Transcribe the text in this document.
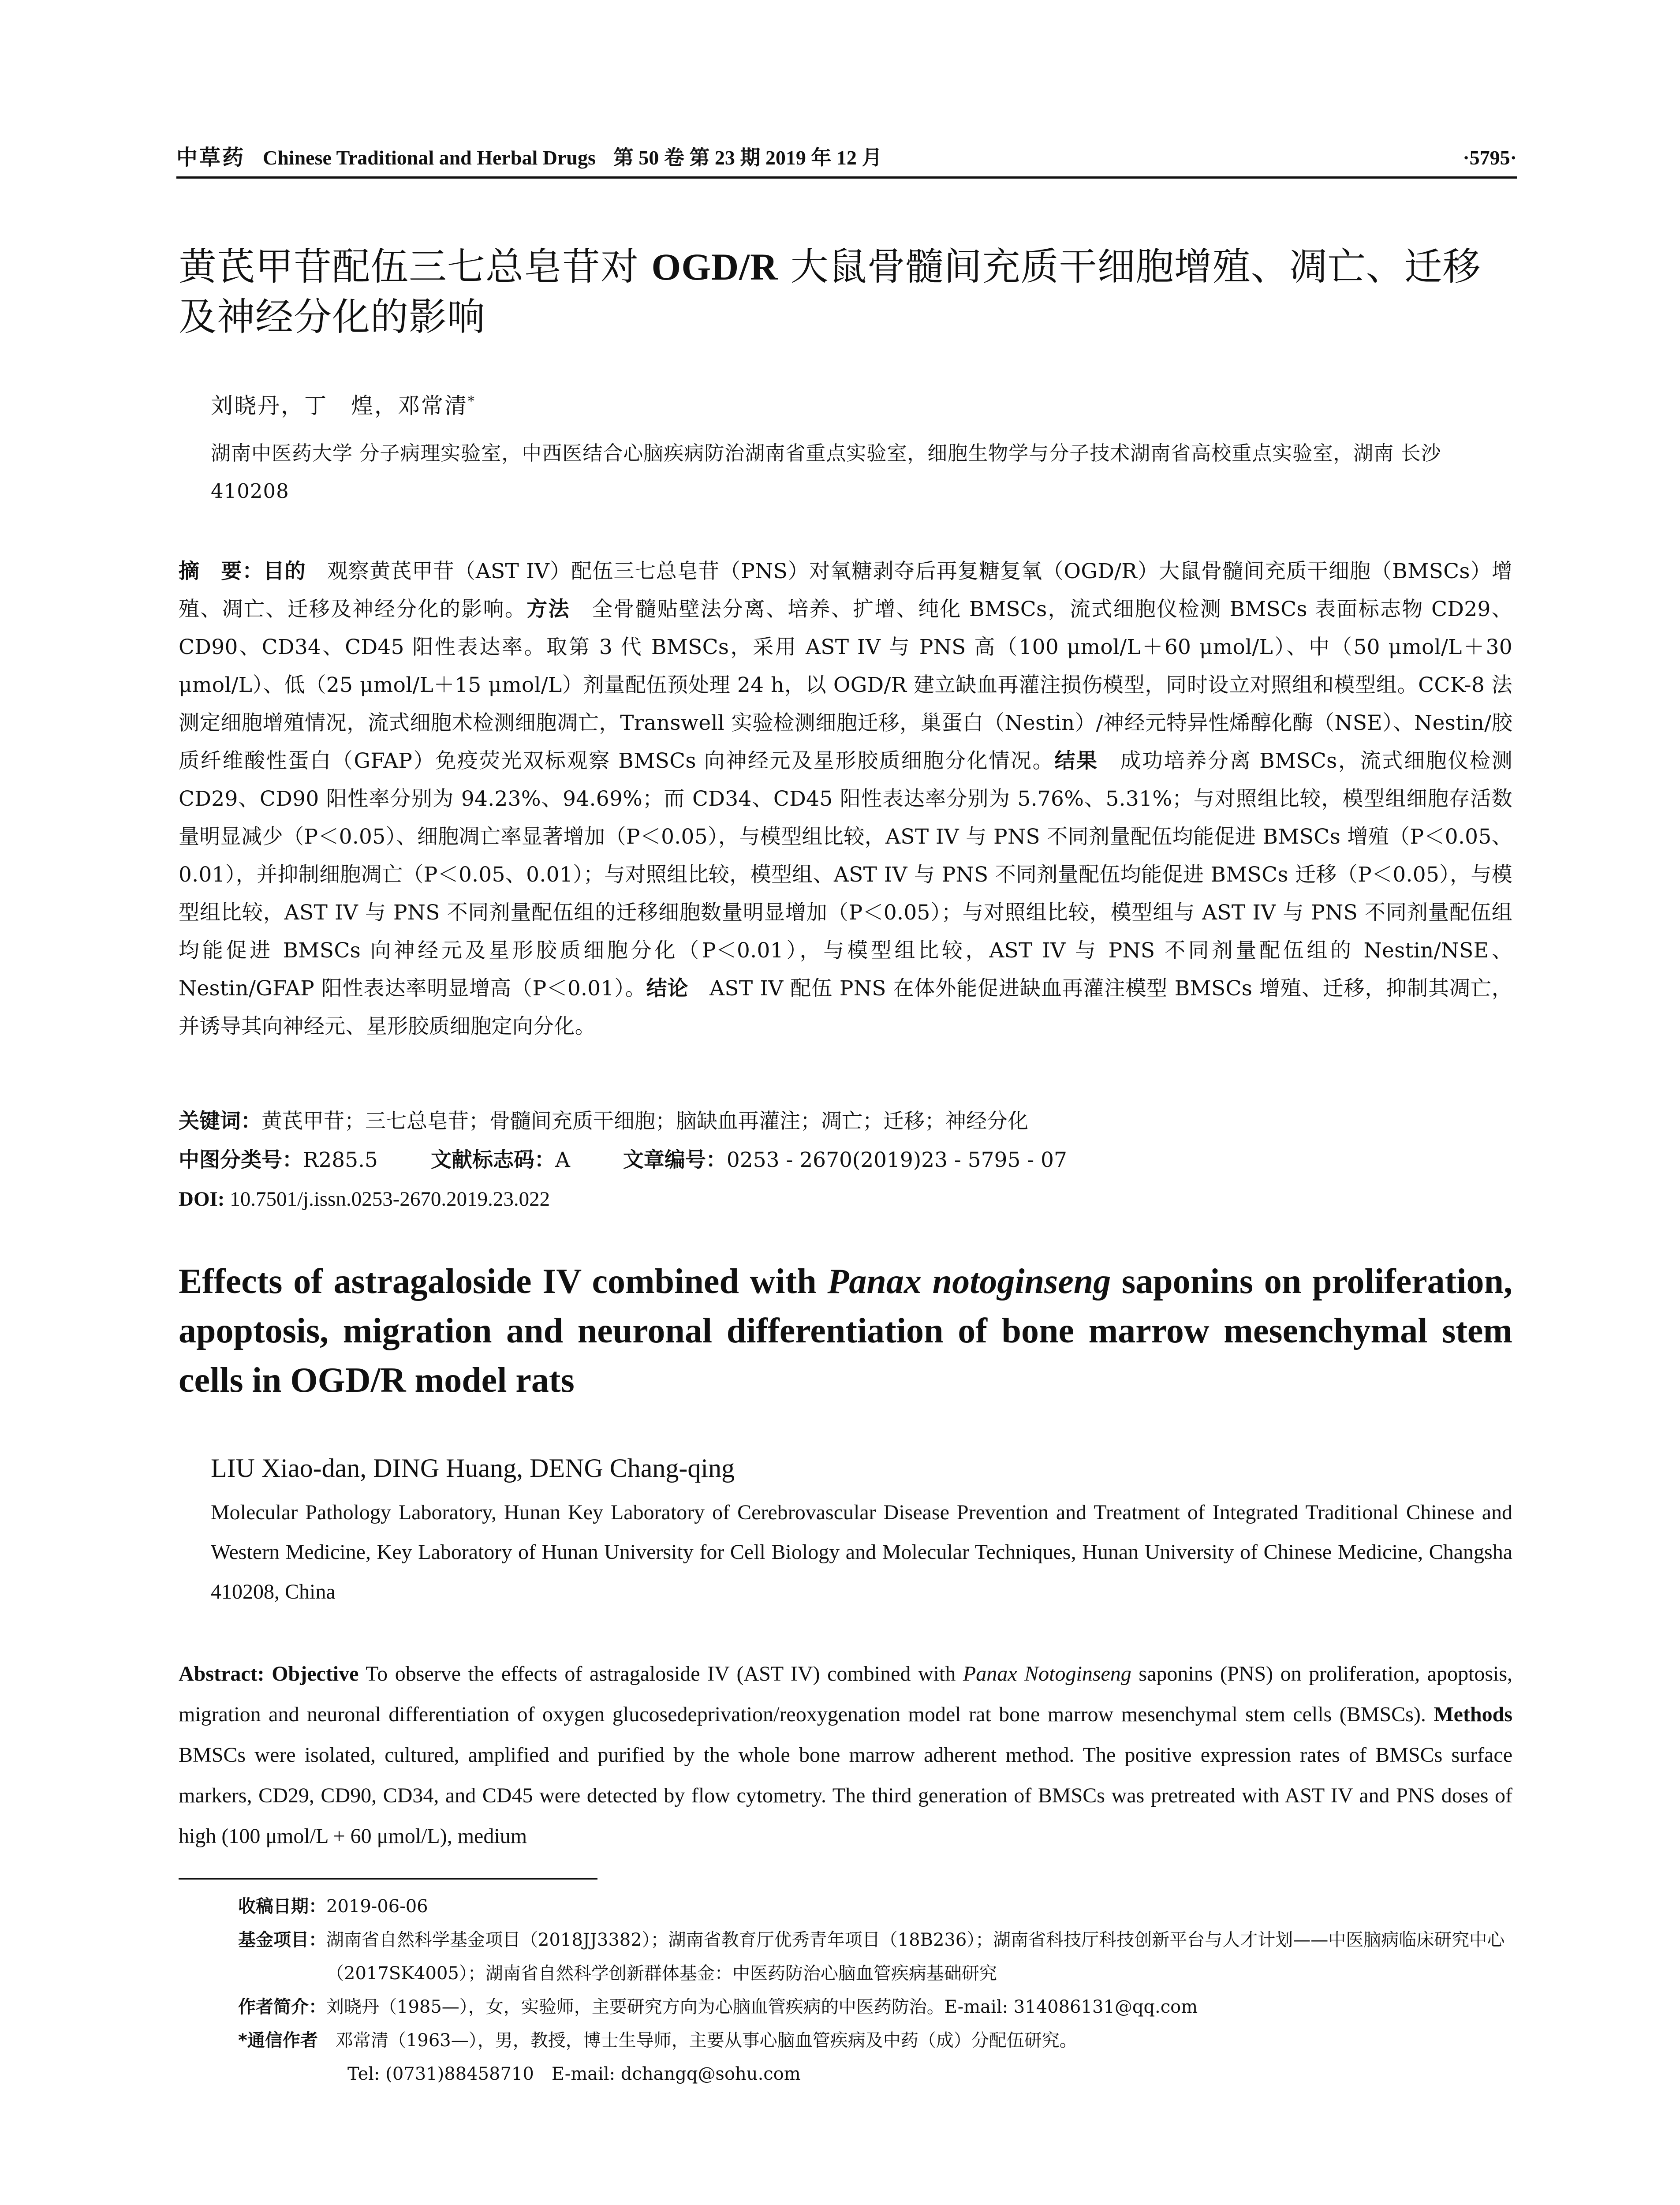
中草药 Chinese Traditional and Herbal Drugs 第 50 卷 第 23 期 2019 年 12 月	·5795·
黄芪甲苷配伍三七总皂苷对 OGD/R 大鼠骨髓间充质干细胞增殖、凋亡、迁移及神经分化的影响
刘晓丹，丁　煌，邓常清*

湖南中医药大学 分子病理实验室，中西医结合心脑疾病防治湖南省重点实验室，细胞生物学与分子技术湖南省高校重点实验室，湖南 长沙 410208

摘　要：目的　观察黄芪甲苷（AST IV）配伍三七总皂苷（PNS）对氧糖剥夺后再复糖复氧（OGD/R）大鼠骨髓间充质干细胞（BMSCs）增殖、凋亡、迁移及神经分化的影响。方法　全骨髓贴壁法分离、培养、扩增、纯化 BMSCs，流式细胞仪检测 BMSCs 表面标志物 CD29、CD90、CD34、CD45 阳性表达率。取第 3 代 BMSCs，采用 AST IV 与 PNS 高（100 μmol/L＋60 μmol/L）、中（50 μmol/L＋30 μmol/L）、低（25 μmol/L＋15 μmol/L）剂量配伍预处理 24 h，以 OGD/R 建立缺血再灌注损伤模型，同时设立对照组和模型组。CCK-8 法测定细胞增殖情况，流式细胞术检测细胞凋亡，Transwell 实验检测细胞迁移，巢蛋白（Nestin）/神经元特异性烯醇化酶（NSE）、Nestin/胶质纤维酸性蛋白（GFAP）免疫荧光双标观察 BMSCs 向神经元及星形胶质细胞分化情况。结果　成功培养分离 BMSCs，流式细胞仪检测 CD29、CD90 阳性率分别为 94.23%、94.69%；而 CD34、CD45 阳性表达率分别为 5.76%、5.31%；与对照组比较，模型组细胞存活数量明显减少（P＜0.05）、细胞凋亡率显著增加（P＜0.05），与模型组比较，AST IV 与 PNS 不同剂量配伍均能促进 BMSCs 增殖（P＜0.05、0.01），并抑制细胞凋亡（P＜0.05、0.01）；与对照组比较，模型组、AST IV 与 PNS 不同剂量配伍均能促进 BMSCs 迁移（P＜0.05），与模型组比较，AST IV 与 PNS 不同剂量配伍组的迁移细胞数量明显增加（P＜0.05）；与对照组比较，模型组与 AST IV 与 PNS 不同剂量配伍组均能促进 BMSCs 向神经元及星形胶质细胞分化（P＜0.01），与模型组比较，AST IV 与 PNS 不同剂量配伍组的 Nestin/NSE、Nestin/GFAP 阳性表达率明显增高（P＜0.01）。结论　AST IV 配伍 PNS 在体外能促进缺血再灌注模型 BMSCs 增殖、迁移，抑制其凋亡，并诱导其向神经元、星形胶质细胞定向分化。

关键词：黄芪甲苷；三七总皂苷；骨髓间充质干细胞；脑缺血再灌注；凋亡；迁移；神经分化
中图分类号：R285.5	文献标志码：A	文章编号：0253 - 2670(2019)23 - 5795 - 07
DOI: 10.7501/j.issn.0253-2670.2019.23.022
Effects of astragaloside IV combined with Panax notoginseng saponins on proliferation, apoptosis, migration and neuronal differentiation of bone marrow mesenchymal stem cells in OGD/R model rats
LIU Xiao-dan, DING Huang, DENG Chang-qing

Molecular Pathology Laboratory, Hunan Key Laboratory of Cerebrovascular Disease Prevention and Treatment of Integrated Traditional Chinese and Western Medicine, Key Laboratory of Hunan University for Cell Biology and Molecular Techniques, Hunan University of Chinese Medicine, Changsha 410208, China

Abstract: Objective To observe the effects of astragaloside IV (AST IV) combined with Panax Notoginseng saponins (PNS) on proliferation, apoptosis, migration and neuronal differentiation of oxygen glucosedeprivation/reoxygenation model rat bone marrow mesenchymal stem cells (BMSCs). Methods BMSCs were isolated, cultured, amplified and purified by the whole bone marrow adherent method. The positive expression rates of BMSCs surface markers, CD29, CD90, CD34, and CD45 were detected by flow cytometry. The third generation of BMSCs was pretreated with AST IV and PNS doses of high (100 μmol/L + 60 μmol/L), medium

收稿日期： 2019-06-06
基金项目： 湖南省自然科学基金项目（2018JJ3382）；湖南省教育厅优秀青年项目（18B236）；湖南省科技厅科技创新平台与人才计划——中医脑病临床研究中心（2017SK4005）；湖南省自然科学创新群体基金：中医药防治心脑血管疾病基础研究
作者简介： 刘晓丹（1985—），女，实验师，主要研究方向为心脑血管疾病的中医药防治。E-mail: 314086131@qq.com
*通信作者 　邓常清（1963—），男，教授，博士生导师，主要从事心脑血管疾病及中药（成）分配伍研究。
Tel: (0731)88458710　E-mail: dchangq@sohu.com
